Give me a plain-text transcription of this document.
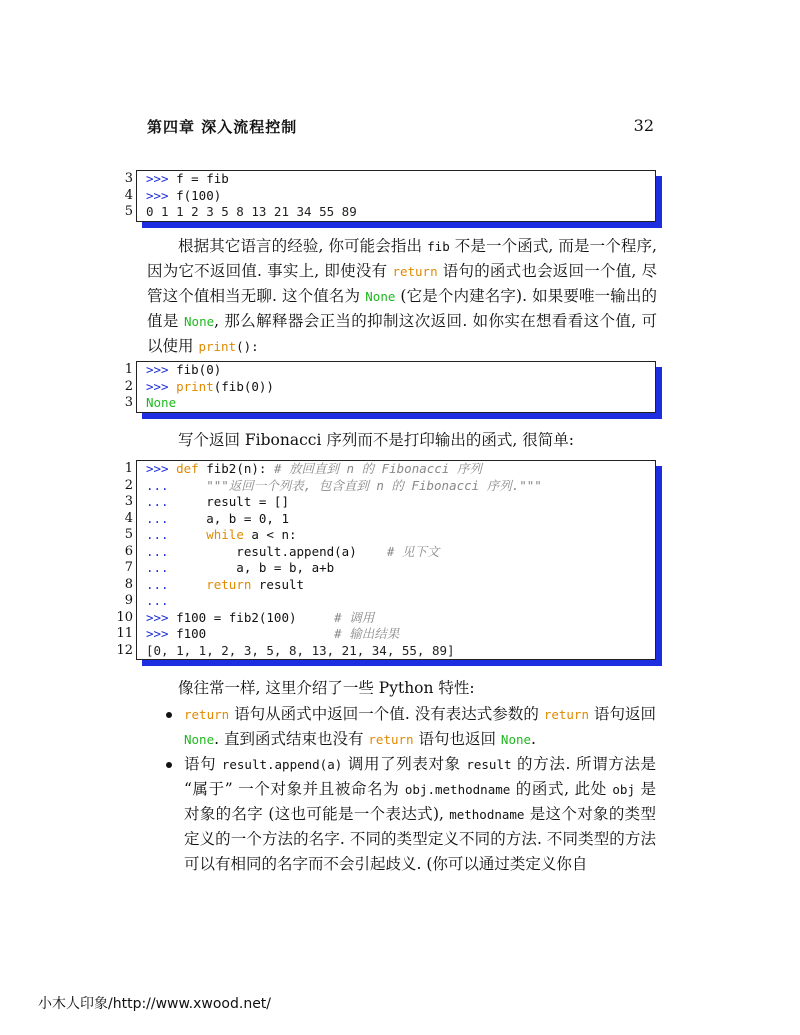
第四章 深入流程控制	32
3 >>> f = fib
4 >>> f(100)
5 0 1 1 2 3 5 8 13 21 34 55 89
根据其它语言的经验, 你可能会指出 fib 不是一个函式, 而是一个程序, 因为它不返回值. 事实上, 即使没有 return 语句的函式也会返回一个值, 尽管这个值相当无聊. 这个值名为 None (它是个内建名字). 如果要唯一输出的值是 None, 那么解释器会正当的抑制这次返回. 如你实在想看看这个值, 可以使用 print():
1 >>> fib(0)
2 >>> print(fib(0))
3 None
写个返回 Fibonacci 序列而不是打印输出的函式, 很简单:
1 >>> def fib2(n): # 放回直到 n 的 Fibonacci 序列
2 ...	"""返回一个列表, 包含直到 n 的 Fibonacci 序列."""
3 ...     result = []
4 ...     a, b = 0, 1
5 ...	while a < n:
6 ...         result.append(a)    # 见下文
7 ...         a, b = b, a+b
8 ...	return result
9 ...
10 >>> f100 = fib2(100)     # 调用
11 >>> f100                 # 输出结果
12 [0, 1, 1, 2, 3, 5, 8, 13, 21, 34, 55, 89]
像往常一样, 这里介绍了一些 Python 特性:
return 语句从函式中返回一个值. 没有表达式参数的 return 语句返回 None. 直到函式结束也没有 return 语句也返回 None.
语句 result.append(a) 调用了列表对象 result 的方法. 所谓方法是 “属于” 一个对象并且被命名为 obj.methodname 的函式, 此处 obj 是对象的名字 (这也可能是一个表达式), methodname 是这个对象的类型定义的一个方法的名字. 不同的类型定义不同的方法. 不同类型的方法可以有相同的名字而不会引起歧义. (你可以通过类定义你自
小木人印象/http://www.xwood.net/
